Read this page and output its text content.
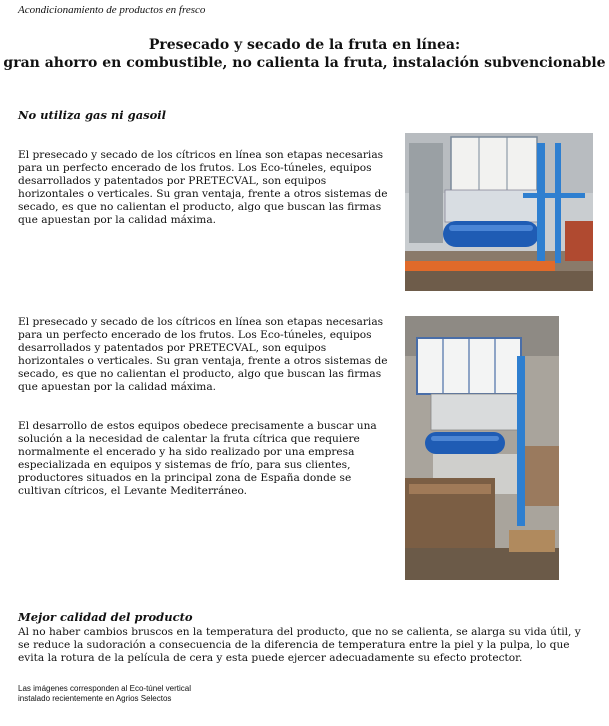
Acondicionamiento de productos en fresco
Presecado y secado de la fruta en línea:
gran ahorro en combustible, no calienta la fruta, instalación subvencionable
No utiliza gas ni gasoil

El presecado y secado de los cítricos en línea son etapas necesarias para un perfecto encerado de los frutos. Los Eco-túneles, equipos desarrollados y patentados por PRETECVAL, son equipos horizontales o verticales. Su gran ventaja, frente a otros sistemas de secado, es que no calientan el producto, algo que buscan las firmas que apuestan por la calidad máxima.

El presecado y secado de los cítricos en línea son etapas necesarias para un perfecto encerado de los frutos. Los Eco-túneles, equipos desarrollados y patentados por PRETECVAL, son equipos horizontales o verticales. Su gran ventaja, frente a otros sistemas de secado, es que no calientan el producto, algo que buscan las firmas que apuestan por la calidad máxima.

El desarrollo de estos equipos obedece precisamente a buscar una solución a la necesidad de calentar la fruta cítrica que requiere normalmente el encerado y ha sido realizado por una empresa especializada en equipos y sistemas de frío, para sus clientes, productores situados en la principal zona de España donde se cultivan cítricos, el Levante Mediterráneo.

Mejor calidad del producto

Al no haber cambios bruscos en la temperatura del producto, que no se calienta, se alarga su vida útil, y se reduce la sudoración a consecuencia de la diferencia de temperatura entre la piel y la pulpa, lo que evita la rotura de la película de cera y esta puede ejercer adecuadamente su efecto protector.

Las imágenes corresponden al Eco-túnel vertical
instalado recientemente en Agrios Selectos
